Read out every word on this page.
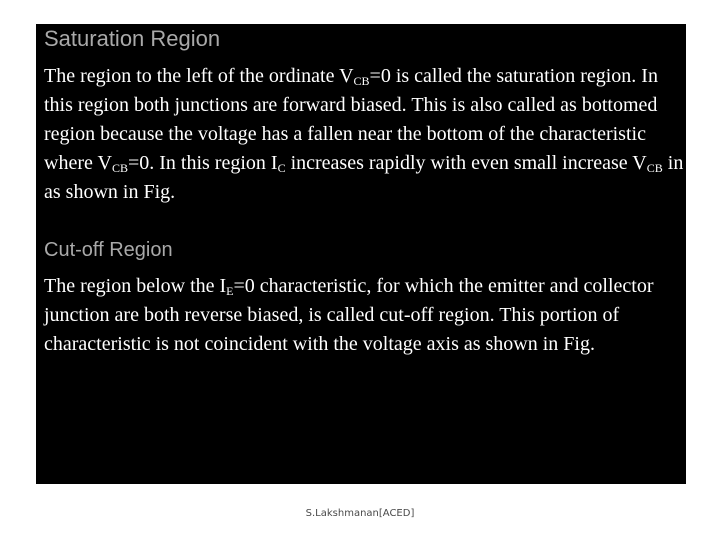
Saturation Region
The region to the left of the ordinate $V_{CB}=0$ is called the saturation region. In this region both junctions are forward biased. This is also called as bottomed region because the voltage has a fallen near the bottom of the characteristic where $V_{CB}=0$. In this region $I_C$ increases rapidly with even small increase $V_{CB}$ in as shown in Fig.
Cut-off Region
The region below the $I_E=0$ characteristic, for which the emitter and collector junction are both reverse biased, is called cut-off region. This portion of characteristic is not coincident with the voltage axis as shown in Fig.
S.Lakshmanan[ACED]
